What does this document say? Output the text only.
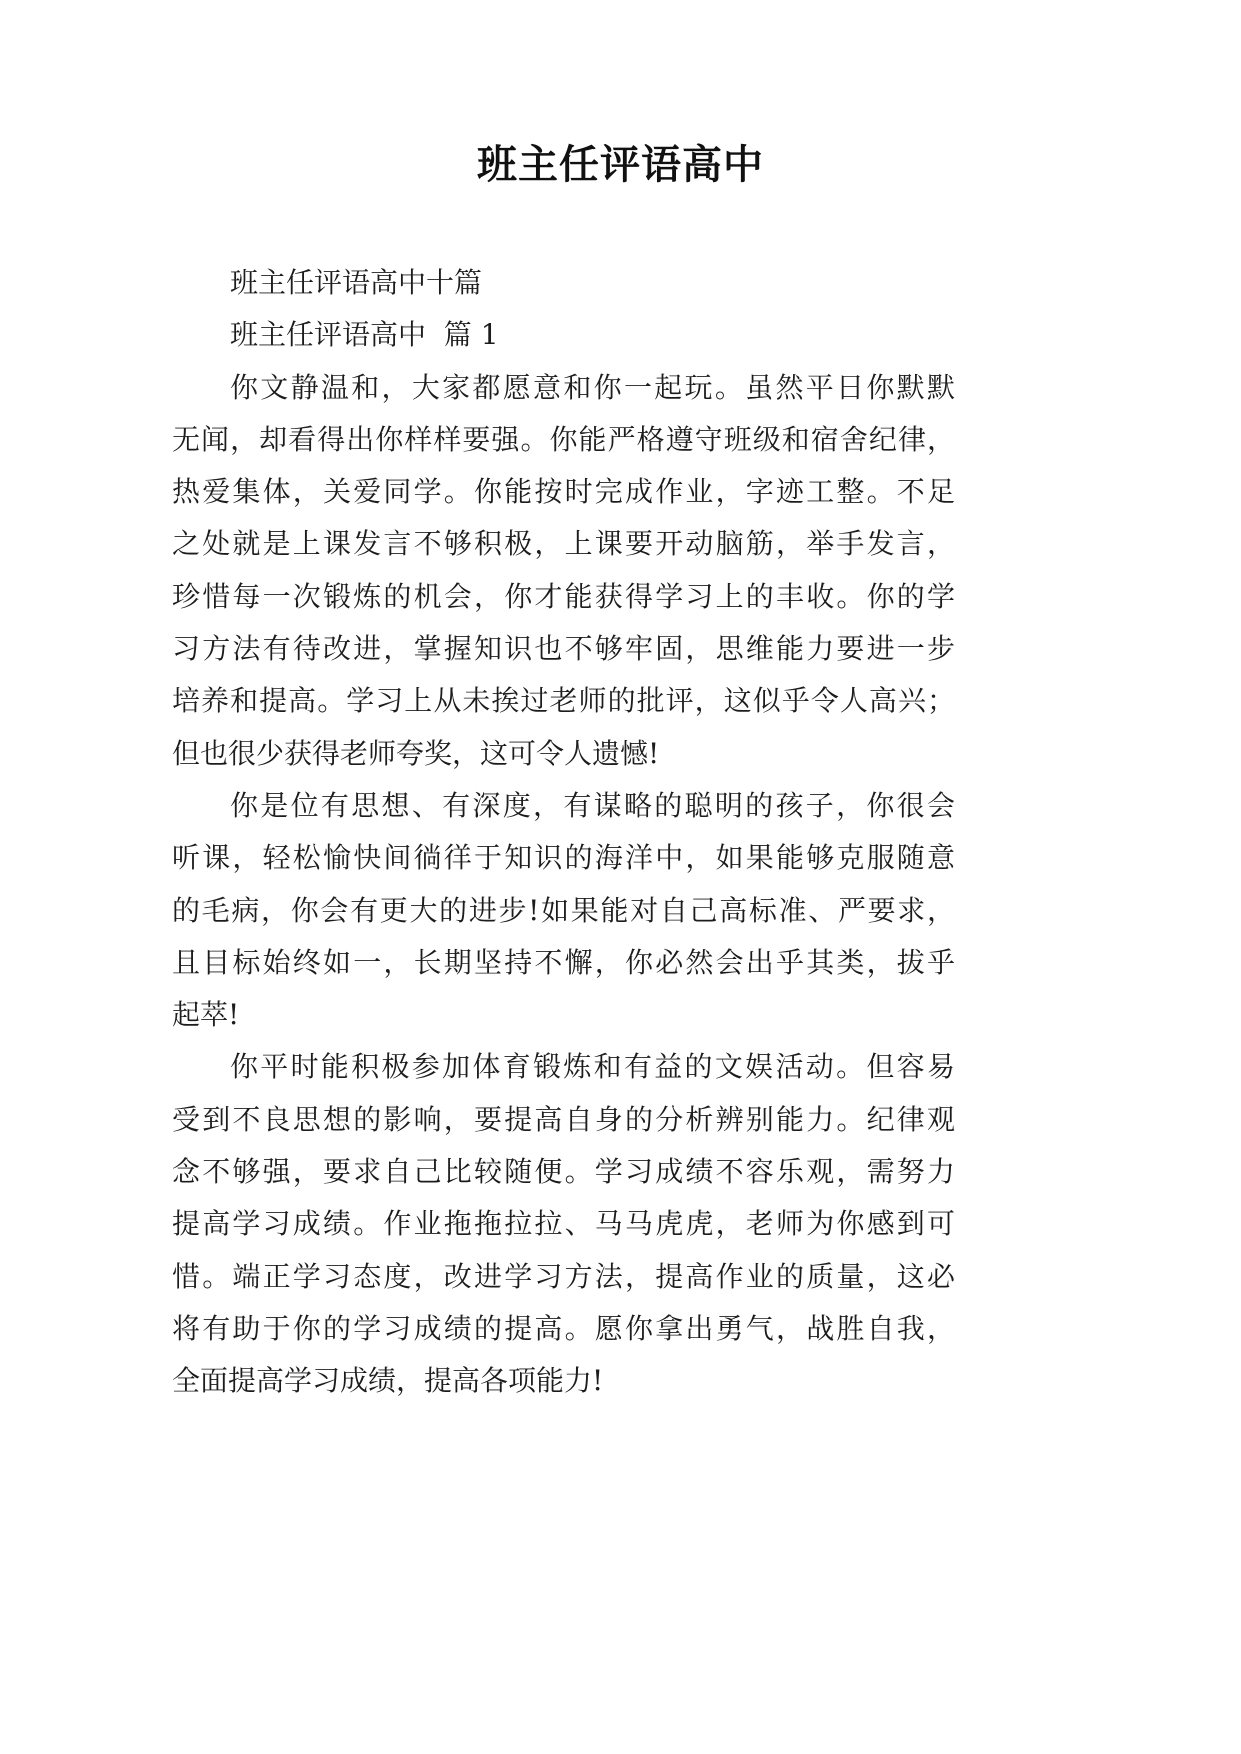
班主任评语高中
班主任评语高中十篇
班主任评语高中  篇 1
你文静温和，大家都愿意和你一起玩。虽然平日你默默
无闻，却看得出你样样要强。你能严格遵守班级和宿舍纪律，
热爱集体，关爱同学。你能按时完成作业，字迹工整。不足
之处就是上课发言不够积极，上课要开动脑筋，举手发言，
珍惜每一次锻炼的机会，你才能获得学习上的丰收。你的学
习方法有待改进，掌握知识也不够牢固，思维能力要进一步
培养和提高。学习上从未挨过老师的批评，这似乎令人高兴；
但也很少获得老师夸奖，这可令人遗憾!
你是位有思想、有深度，有谋略的聪明的孩子，你很会
听课，轻松愉快间徜徉于知识的海洋中，如果能够克服随意
的毛病，你会有更大的进步!如果能对自己高标准、严要求，
且目标始终如一，长期坚持不懈，你必然会出乎其类，拔乎
起萃!
你平时能积极参加体育锻炼和有益的文娱活动。但容易
受到不良思想的影响，要提高自身的分析辨别能力。纪律观
念不够强，要求自己比较随便。学习成绩不容乐观，需努力
提高学习成绩。作业拖拖拉拉、马马虎虎，老师为你感到可
惜。端正学习态度，改进学习方法，提高作业的质量，这必
将有助于你的学习成绩的提高。愿你拿出勇气，战胜自我，
全面提高学习成绩，提高各项能力!
